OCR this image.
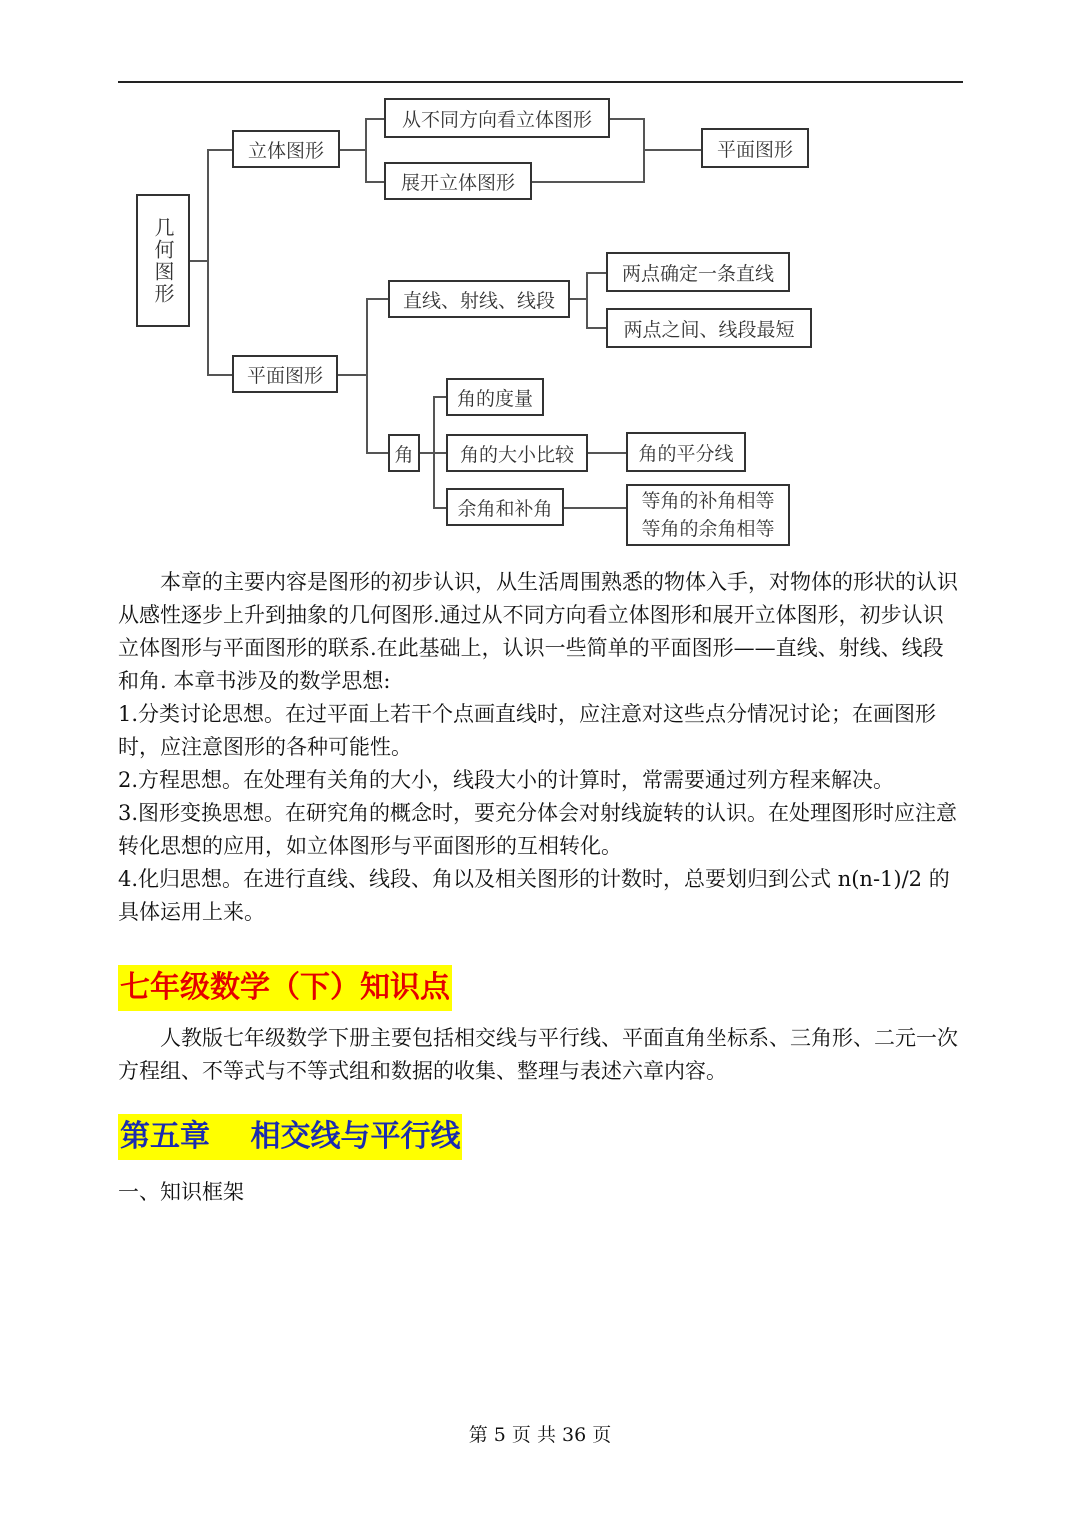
几何图形
立体图形
从不同方向看立体图形
展开立体图形
平面图形
平面图形
直线、射线、线段
两点确定一条直线
两点之间、线段最短
角
角的度量
角的大小比较
余角和补角
角的平分线
等角的补角相等
等角的余角相等

本章的主要内容是图形的初步认识，从生活周围熟悉的物体入手，对物体的形状的认识从感性逐步上升到抽象的几何图形.通过从不同方向看立体图形和展开立体图形，初步认识立体图形与平面图形的联系.在此基础上，认识一些简单的平面图形——直线、射线、线段和角. 本章书涉及的数学思想:

1.分类讨论思想。在过平面上若干个点画直线时，应注意对这些点分情况讨论；在画图形时，应注意图形的各种可能性。

2.方程思想。在处理有关角的大小，线段大小的计算时，常需要通过列方程来解决。

3.图形变换思想。在研究角的概念时，要充分体会对射线旋转的认识。在处理图形时应注意转化思想的应用，如立体图形与平面图形的互相转化。

4.化归思想。在进行直线、线段、角以及相关图形的计数时，总要划归到公式 n(n-1)/2 的具体运用上来。

七年级数学（下）知识点

人教版七年级数学下册主要包括相交线与平行线、平面直角坐标系、三角形、二元一次方程组、不等式与不等式组和数据的收集、整理与表述六章内容。

第五章　 相交线与平行线

一、知识框架

第 5 页 共 36 页
